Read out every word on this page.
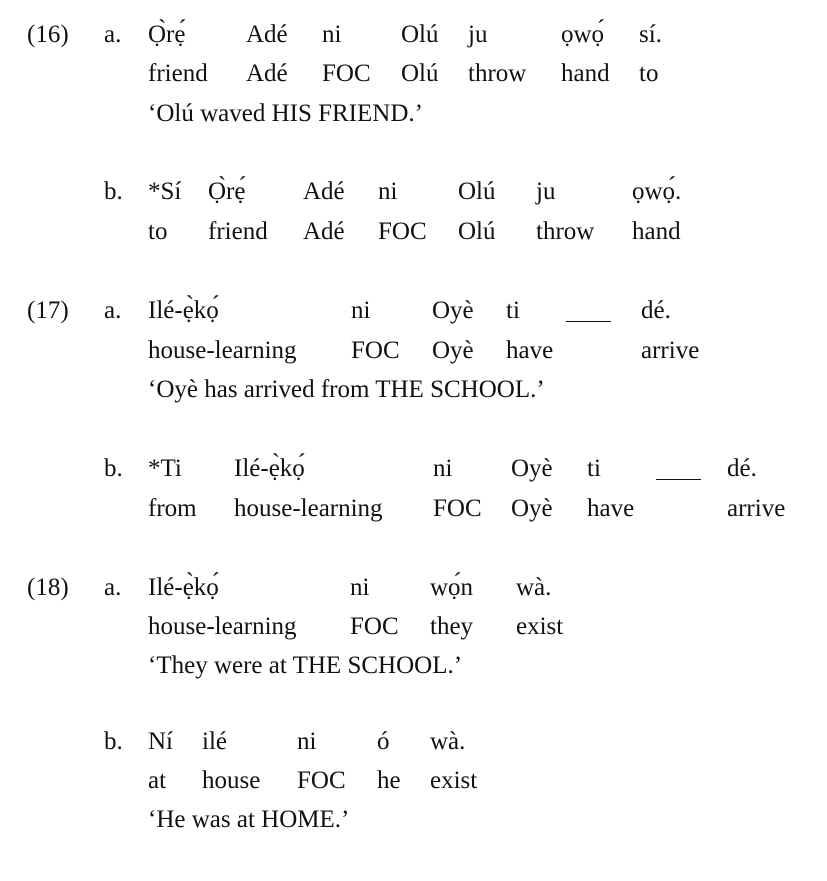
(16) a. Ọ̀rẹ́ Adé ni Olú ju	ọwọ́ sí.
friend Adé FOC Olú throw hand to
‘Olú waved HIS FRIEND.’
b. *Sí Ọ̀rẹ́ Adé ni Olú ju	ọwọ́.
to friend Adé FOC Olú throw hand
(17) a. Ilé-ẹ̀kọ́	ni Oyè ti	dé.
house-learning FOC Oyè have	arrive
‘Oyè has arrived from THE SCHOOL.’
b. *Ti Ilé-ẹ̀kọ́	ni Oyè ti	dé.
from house-learning FOC Oyè have	arrive
(18) a. Ilé-ẹ̀kọ́	ni wọ́n wà.
house-learning FOC they exist
‘They were at THE SCHOOL.’
b. Ní ilé	ni ó wà.
at house FOC he exist
‘He was at HOME.’
